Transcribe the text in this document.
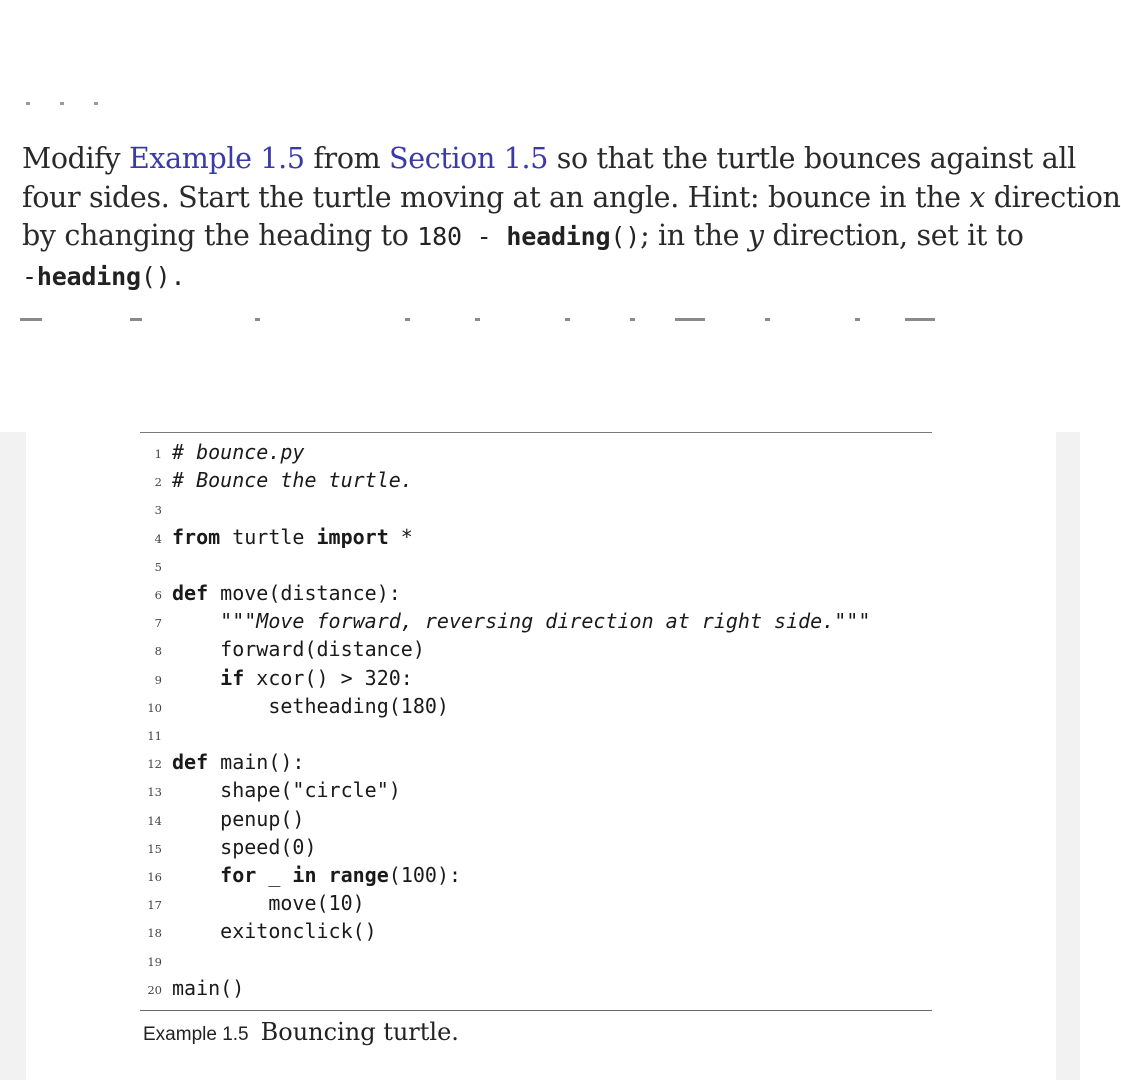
Modify Example 1.5 from Section 1.5 so that the turtle bounces against all
four sides. Start the turtle moving at an angle. Hint: bounce in the x direction
by changing the heading to 180 - heading(); in the y direction, set it to
-heading().
1 # bounce.py
2 # Bounce the turtle.
3
4 from turtle import *
5
6 def move(distance):
7 """Move forward, reversing direction at right side."""
8 forward(distance)
9	if xcor() > 320:
10 setheading(180)
11
12 def main():
13 shape("circle")
14 penup()
15 speed(0)
16	for _ in range(100):
17 move(10)
18 exitonclick()
19
20 main()
Example 1.5 Bouncing turtle.
